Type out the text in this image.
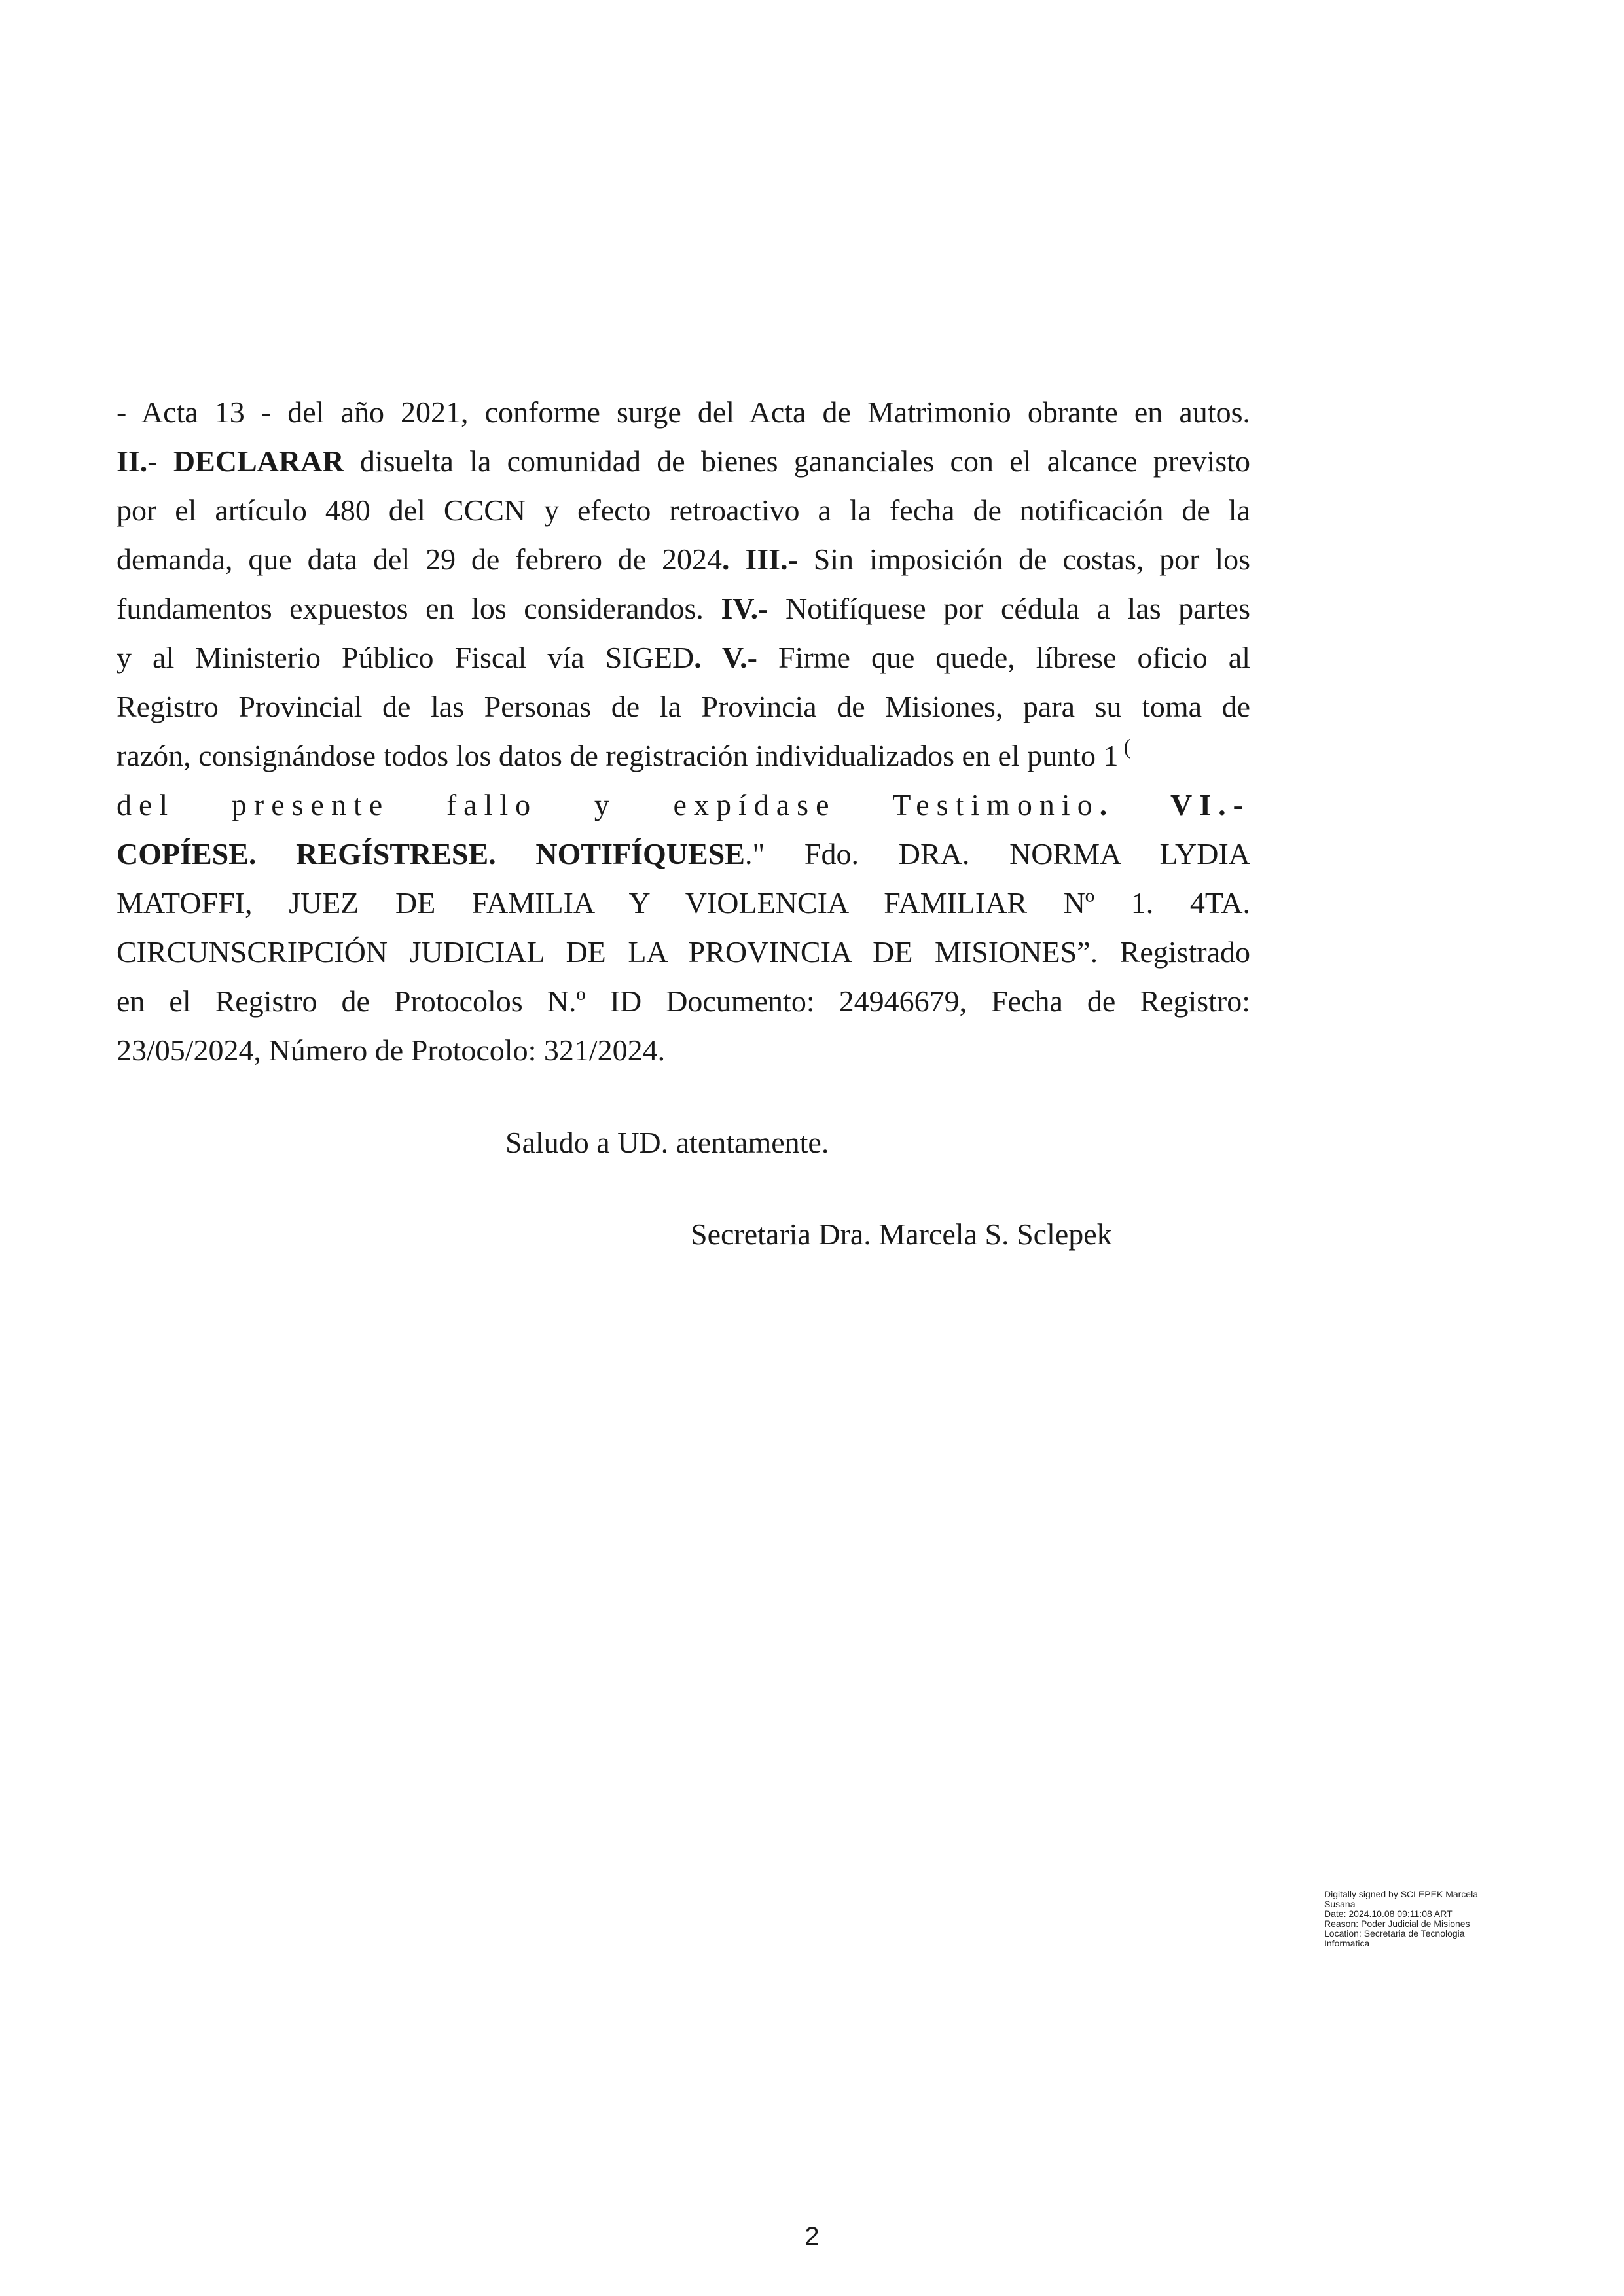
- Acta 13 - del año 2021, conforme surge del Acta de Matrimonio obrante en autos.
II.- DECLARAR disuelta la comunidad de bienes gananciales con el alcance previsto
por el artículo 480 del CCCN y efecto retroactivo a la fecha de notificación de la
demanda, que data del 29 de febrero de 2024. III.- Sin imposición de costas, por los
fundamentos expuestos en los considerandos. IV.- Notifíquese por cédula a las partes
y al Ministerio Público Fiscal vía SIGED. V.- Firme que quede, líbrese oficio al
Registro Provincial de las Personas de la Provincia de Misiones, para su toma de
razón, consignándose todos los datos de registración individualizados en el punto 1 (
del presente fallo y expídase Testimonio. VI.-
COPÍESE. REGÍSTRESE. NOTIFÍQUESE." Fdo. DRA. NORMA LYDIA
MATOFFI, JUEZ DE FAMILIA Y VIOLENCIA FAMILIAR Nº 1. 4TA.
CIRCUNSCRIPCIÓN JUDICIAL DE LA PROVINCIA DE MISIONES”. Registrado
en el Registro de Protocolos N.º ID Documento: 24946679, Fecha de Registro:
23/05/2024, Número de Protocolo: 321/2024.
Saludo a UD. atentamente.
Secretaria Dra. Marcela S. Sclepek
Digitally signed by SCLEPEK Marcela
Susana
Date: 2024.10.08 09:11:08 ART
Reason: Poder Judicial de Misiones
Location: Secretaria de Tecnologia
Informatica
2
